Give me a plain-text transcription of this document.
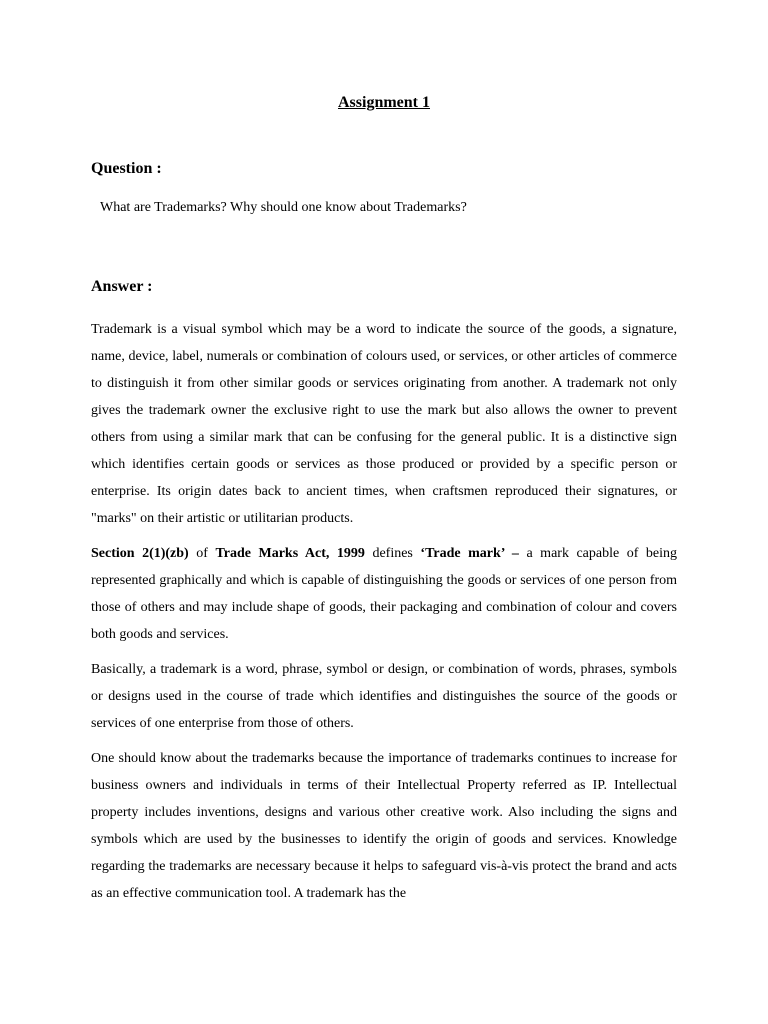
Assignment 1
Question :

What are Trademarks? Why should one know about Trademarks?

Answer :

Trademark is a visual symbol which may be a word to indicate the source of the goods, a signature, name, device, label, numerals or combination of colours used, or services, or other articles of commerce to distinguish it from other similar goods or services originating from another. A trademark not only gives the trademark owner the exclusive right to use the mark but also allows the owner to prevent others from using a similar mark that can be confusing for the general public. It is a distinctive sign which identifies certain goods or services as those produced or provided by a specific person or enterprise. Its origin dates back to ancient times, when craftsmen reproduced their signatures, or "marks" on their artistic or utilitarian products.

Section 2(1)(zb) of Trade Marks Act, 1999 defines ‘Trade mark’ – a mark capable of being represented graphically and which is capable of distinguishing the goods or services of one person from those of others and may include shape of goods, their packaging and combination of colour and covers both goods and services.

Basically, a trademark is a word, phrase, symbol or design, or combination of words, phrases, symbols or designs used in the course of trade which identifies and distinguishes the source of the goods or services of one enterprise from those of others.

One should know about the trademarks because the importance of trademarks continues to increase for business owners and individuals in terms of their Intellectual Property referred as IP. Intellectual property includes inventions, designs and various other creative work. Also including the signs and symbols which are used by the businesses to identify the origin of goods and services. Knowledge regarding the trademarks are necessary because it helps to safeguard vis-à-vis protect the brand and acts as an effective communication tool. A trademark has the
